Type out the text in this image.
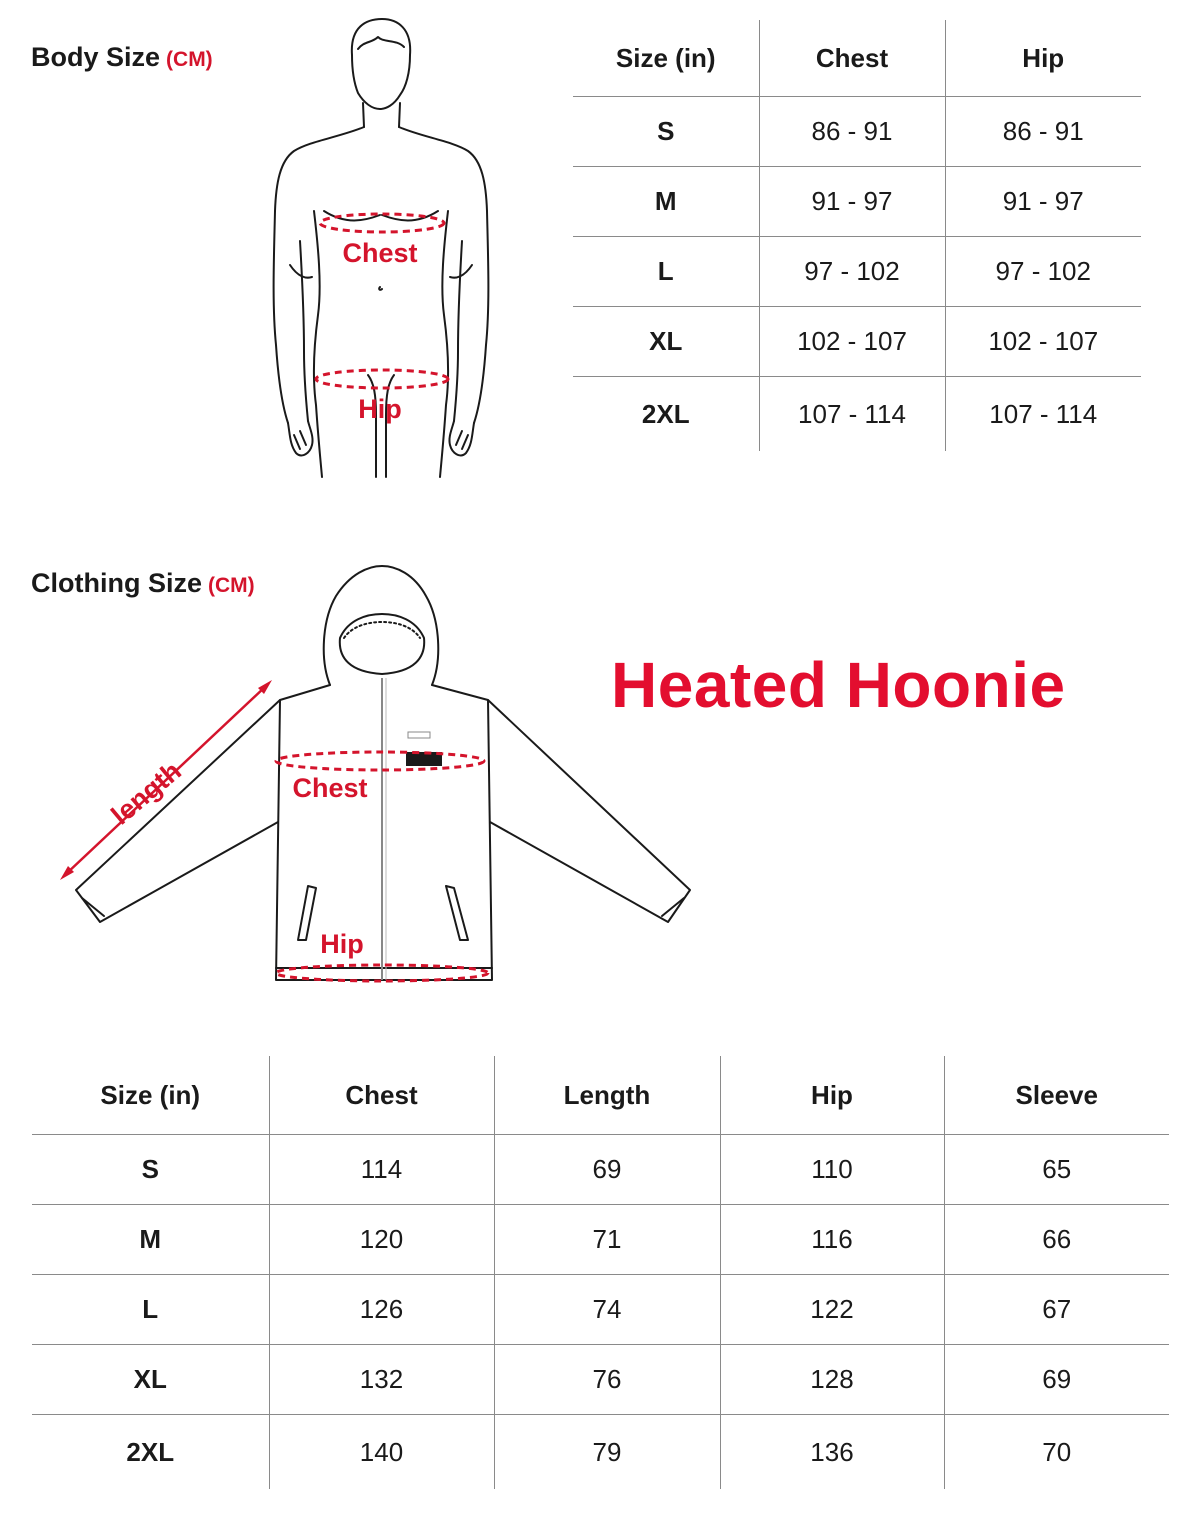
Body Size (CM)
Chest
Hip
Size (in)	Chest	Hip
S	86 - 91	86 - 91
M	91 - 97	91 - 97
L	97 - 102	97 - 102
XL	102 - 107	102 - 107
2XL	107 - 114	107 - 114
Clothing Size (CM)
Heated Hoonie
Chest
Hip
length
Size (in)	Chest	Length	Hip	Sleeve
S	114	69	110	65
M	120	71	116	66
L	126	74	122	67
XL	132	76	128	69
2XL	140	79	136	70
